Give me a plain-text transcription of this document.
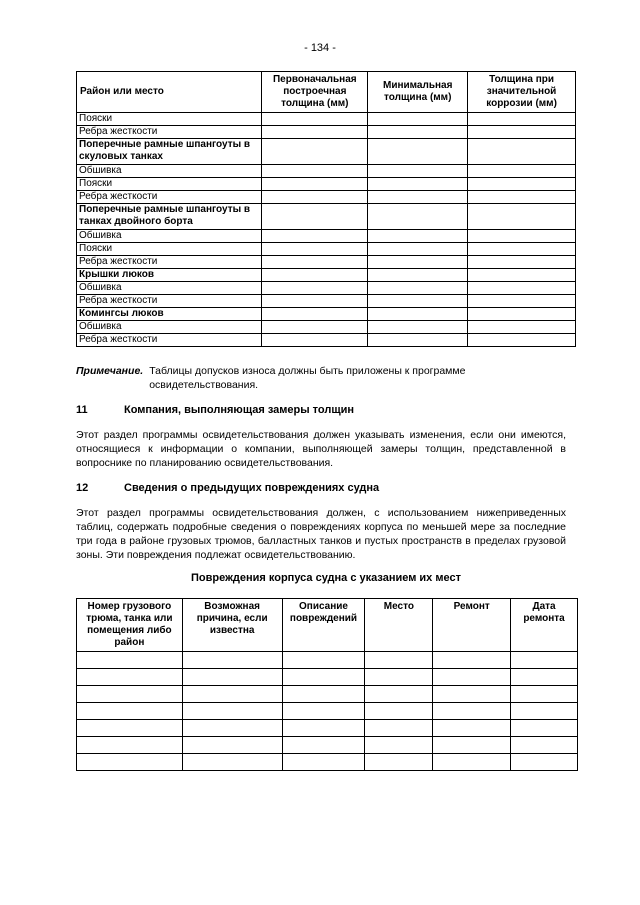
- 134 -
Район или место	Первоначальная построечная толщина (мм)	Минимальная толщина (мм)	Толщина при значительной коррозии (мм)
Пояски			
Ребра жесткости			
Поперечные рамные шпангоуты в скуловых танках			
Обшивка			
Пояски			
Ребра жесткости			
Поперечные рамные шпангоуты в танках двойного борта			
Обшивка			
Пояски			
Ребра жесткости			
Крышки люков			
Обшивка			
Ребра жесткости			
Комингсы люков			
Обшивка			
Ребра жесткости			
Примечание. Таблицы допусков износа должны быть приложены к программе освидетельствования.
11	Компания, выполняющая замеры толщин
Этот раздел программы освидетельствования должен указывать изменения, если они имеются, относящиеся к информации о компании, выполняющей замеры толщин, представленной в вопроснике по планированию освидетельствования.
12	Сведения о предыдущих повреждениях судна
Этот раздел программы освидетельствования должен, с использованием нижеприведенных таблиц, содержать подробные сведения о повреждениях корпуса по меньшей мере за последние три года в районе грузовых трюмов, балластных танков и пустых пространств в пределах грузовой зоны. Эти повреждения подлежат освидетельствованию.
Повреждения корпуса судна с указанием их мест
Номер грузового трюма, танка или помещения либо район	Возможная причина, если известна	Описание повреждений	Место	Ремонт	Дата ремонта
